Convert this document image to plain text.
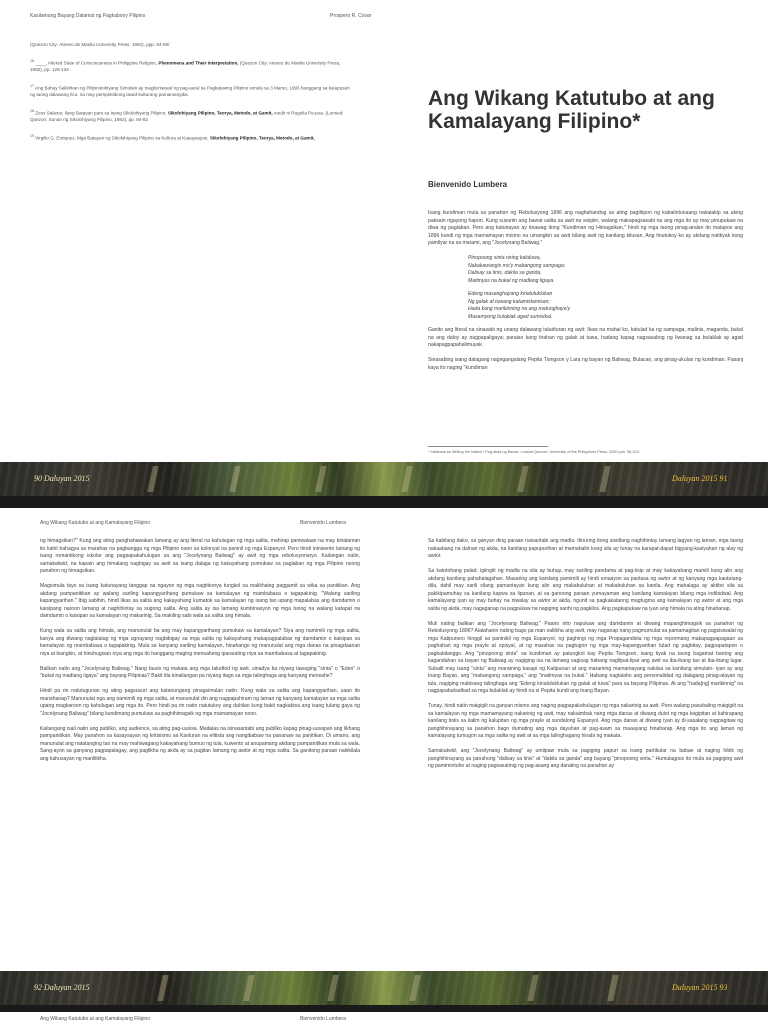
Kasilamang Bayang Dalamat ng Pagkabooy Pilipino	Prospero R. Covar
(Quezon City: Ateneo de Manila University Press, 1992), ppp. 84-90/
$^{16}$ ____, Altered State of Consciousness in Philippine Religion, Phenomena and Their Interpretation, (Quezon City: Ateneo de Manila University Press, 1992), pp. 126-134
$^{17}$ Ang Bahay Salikrikan ng Pilipinolohiyang Simulain ay magiluniwsad ng pag-aaral sa Pagkatawng Pilipino simula sa 3 Marso, 1993 hanggang sa kalapusan ng taong dalawang Ilco, na may perspektibong tawid-kulturang pamamangika.
$^{18}$ Zeus Salazar, Ilang Batayan para sa Isang Sikolohiyang Pilipino, Sikolohiyang Pilipino, Teorya, Metodo, at Gamit, Inedit ni Rogelia Pe-pua, (Lunsod: Quezon: Sunan ng Sikolohiyang Pilipino, 1982), pp. 84-82
$^{19}$ Virgilio G. Enriquez, Mga Batayan ng Sikolohiyang Pilipino sa Kultura at Kasaysayan, Sikolohiyang Pilipino, Teorya, Metodo, at Gamit,
Ang Wikang Katutubo at ang Kamalayang Filipino*
Bienvenido Lumbera

Isang kundiman mula sa panahon ng Rebolusyong 1896 ang naghahandog sa ating pagtitipon ng kabalintunaang nakalakip sa aking paksain ngayong hapon. Kung susuriin ang bawat salita sa awit na sisipiin, walang makapagsasabi na ang mga ito ay may pinupukaw na diwa ng paglaban. Pero ang katunayan ay tinawag itong "Kundiman ng Himagsikan," hindi ng mga taong pinag-aralan ito matapos ang 1896 kundi ng mga mamamayan mismo na umangkin sa awit bilang awit ng kanilang kilusan. Ang tinutukoy ko ay akdang natitiyak kong pamilyar na sa marami, ang "Jocelynang Baliwag."

Pinopoong sinta niring kaluluwa,
Nakakawangis mo'y mabangong sampaga;
Dalisay sa linis, dakila sa ganda,
Matimyas na bukal ng madlang ligaya.
Edeng masanghayang kinaluluklukan
Ng galak at tuwang katamistamisan;
Hada kang marikinning na ang matunghaya'y
Masamyong bulaklak agad sumisikal.

Ganito ang literal na sinasabi ng unang dalawang taludturan ng awit: Ikaw na mahal ko, katulad ka ng sampaga, malinis, maganda, bukal na ang daloy ay nagpapaligaya; paraiso kang tirahan ng galak at tuwa, hadang kapag nagsasabog ng liwanag sa bulaklak ay agad nakapagpapahalimuyak.

Sinasabing isang dalagang nagngangalang Pepita Tiongson y Lara ng bayan ng Baliwag, Bulacan, ang pinag-ukulan ng kundiman. Pasanj kaya ito naging "kundiman

* Inilathala sa Writing the Nation / Pag-akda ng Bansa. Lunsod Quezon: University of the Philippines Press, 2000 pah. 96-104.
90 Daluyan 2015	Daluyan 2015 91
Ang Wikang Katutubo at ang Kamalayang Filipino	Bienvenido Lumbera

ng himagsikan?" Kung ang ating panghahawakan lamang ay ang literal na kahulugan ng mga salita, mahirap paniwalaan na may kinalaman ito kahit bahagya sa marahas na pagbangga ng mga Pilipino noon sa kolonyal na paninil ng mga Espanyol. Pero hindi ininisento lamang ng isang romantikong iskolar ang pagpapakahulugan sa ang "Jocelynang Baliwag" ay awit ng mga rebolusyonaryo. Kailangan natin, samakatwid, na kapain ang himalang nagbigay sa awit sa isang dalaga ng kakayahang pumukaw sa pagiaban ng mga Pilipino noong panahon ng himagsikan.

Magsimula tayo sa isang katunayang tanggap na ngayon ng mga nagtiteorya tungkol sa malikhaing paggamit sa wika sa panitikan. Ang akdang pampanitikan ay walang sariling kapangyarihang pumukaw sa kamalayan ng mambabasa o tagapakinig. "Walang sariling kapangyarihan." Ibig sabihin, hindi likas sa salita ang kakayahang kumatok sa kamalayan ng isang tao upang mapalabas ang damdamin o kaisipang naroon lamang at naghihintay sa sugong salita. Ang salita ay isa lamang kumbinasyon ng mga tunog na walang katapat na damdamin o kaisipan sa kamalayan ng makarinig. Sa makiling sabi wala sa salita ang himala.

Kung wala sa salita ang himala, ang manunulat ba ang may kapangyarihang pumukaw sa kamalayan? Siya ang namimili ng mga salita, kanya ang diwang naglalatag ng mga ugnayang nagbibigay sa mga salita ng kakayahang makapagpalabas ng damdamin o kaisipan sa kamalayan ng mambabasa o tagapakinig. Mula sa kanyang sariling kamalayan, hinahango ng manunulat ang mga danas na pinagdaanan niya at ikangkin, at hinuhugisan niya ang mga ito hanggang maging mensaheng ipararating niya sa mambabasa at tagapakinig.

Balikan natin ang "Jocelynang Baliwag." Nang buuin ng makata ang mga taludtod ng awit, sinadya ba niyang tawaging "sinta" o "Eden" o "bukal ng madlang ligaya" ang bayang Pilipinas? Bakit tila kinailangan pa niyang itago sa mga talinghaga ang kanyang mensahe?

Hindi pa rin natutugunan ng ating pagsusuri ang katanungang pinagsimulan natin. Kung wala sa salita ang kapangyarihan, saan ito manahanap? Manunulat nga ang namimili ng mga salita, at manunulat din ang nagpapahiram ng laman ng kanyang kamalayan sa mga salita upang magkaroon ng kahulugan ang mga ito. Pero hindi pa rin natin natutukoy ang dahilan kung bakit nagkabisa ang isang tulang gaya ng "Jocelynang Baliwag" bilang kundimang pumukaw sa paghihimagsik ng mga mamamayan noon.

Kailangang isali natin ang publiko, ang audience, sa ating pag-uusisa. Madalas na isinasantabi ang publiko kapag pinag-uusapan ang likhang pampanitikan. May panahon sa kasaysayan ng kritisismo sa Kanluran na elitista ang nangibabaw na pananaw sa panitikan. Di umano, ang manunulat ang natatanging tao na may mahiwagang kakayahang bumuo ng tula, kuwento at anupamang akdang pampanitikan mula sa wala. Sang-ayon sa ganyang pagpapalagay, ang paglikha ng akda ay sa pagitan lamang ng awtor at ng mga salita. Sa ganitong paraan nakikilala ang kahusayan ng manlilikha.

Sa kabilang dako, sa ganyan ding paraan naisantabi ang madla. Itinuring itong sisidlang naghihintay lamang lagyan ng laman, mga taong nakaabang na dalnan ng akda, na kanilang papupurihan at mamahalin kung sila ay tunay na karapat-dapat bigyang-kasiyahan ng alay ng awtor.

Sa katotohang palad, igiingiit ng madla na sila ay buhay, may sariling pandama at pag-iisip at may kakayahang mamili kung alin ang akdang kanilang pahahalagahan. Maaaring ang kanilang pamimili ay hindi umaayon sa panlasa ng awtor at ng kanyang mga kaututang-dila, dahil may sarili silang pamantayan kung alin ang makabuluhan at makabuluhan sa kanila. Ang mahalaga ay aktibo sila sa pakikipamuhay sa kanilang kapwa sa lipunan, at sa ganoong paraan yumayaman ang kanilang kamalayan bilang mga indibidwal. Ang kamalayang iyan ay may buhay na niwalay sa awtor at akda, ngunit sa pagkakataong magtugma ang kamalayan ng awtor at ang mga salita ng akda, may nagaganap na pagpukaw na nagiging sanhi ng pagkilos. Ang pagkapukaw na iyan ang himala na ating hinahanap.

Muli nating balikan ang "Jocelynang Baliwag." Paano nito napukaw ang damdamin at diwang mapanghimagsik sa panahon ng Rebolusyong 1896? Alalahanin nating bago pa man naliikha ang awit, may naganap nang pagmumulat sa pamamagitan ng pagsisiwalat ng mga Katipunero hinggil sa paninikil ng mga Espanyol, ng paghingi ng mga Propagandista ng mga repormang makapagpapagaan sa paghahari ng mga prayle at opisyal, at ng marahas na pagtugon ng mga may-kapangyarihan tulad ng pagbitay, pagpapatapon o pagkabilanggo. Ang "pinopoong sinta" sa kundiman ay patungkol kay Pepita Tiongson, isang tiyak na taong bagamat bantog ang kagandahan sa bayan ng Baliwag ay nagiging isa na lamang sagisag habang nagliipat-lipat ang awit sa iba-ibang tao at iba-ibang lugar. Subalit may isang "sinta" ang maraming kasapi ng Katipunan at ang maraming mamamayang nakiisa sa kanilang simulain- iyan ay ang Inang Bayan, ang "mabangong sampaga," ang "matimyas na bukal." Habang naglalaho ang personalidad ng dalagang pinag-alayan ng tula, nagiging mabisang talinghaga ang "Edeng kinaluluklukan ng galak at tuwa" para sa bayang Pilipinas. At ang "hada[ng] marikinnig" na nagpapabukadkad sa mga bulaklak ay hindi na si Pepita kundi ang Inang Bayan.

Tunay, hindi natin maigigiit na ganyan mismo ang naging pagpapakahulugan ng mga nakarinig sa awit. Pero walang pasubaling maigigiit na sa kamalayan ng mga mamamayang nakarinig ng awit, may nakaimbak nang mga danas at diwang duiot ng mga kagipitan at kahirapang kanilang tiniis sa ilalim ng kalupitan ng mga prayle at sundalong Espanyol. Ang mga danas at diwang iyan ay di-sasalang nagpagitaw ng panghihinayang sa panahon bago dumating ang mga dayuhan at pag-asam sa maaayang hinaharap. Ang mga ito ang laman ng kamalayang tumugon sa mga salita ng awit at sa mga talinghagang hinabi ng makata.

Samakatwid, ang "Jocelynang Baliwag" ay umiipaw mula sa pagiging papuri sa isang partikular na babae at naging hibik ng panghihinayang sa panahong "dalisay sa linis" at "dakila sa ganda" ang bayang "pinopoong sinta." Humulagpos ito mula sa pagiging awit ng pamimintuho at naging pagsasatinig ng pag-asang ang darating na panahon ay

92 Daluyan 2015	Daluyan 2015 93
Ang Wikang Katutubo at ang Kamalayang Filipino	Bienvenido Lumbera
